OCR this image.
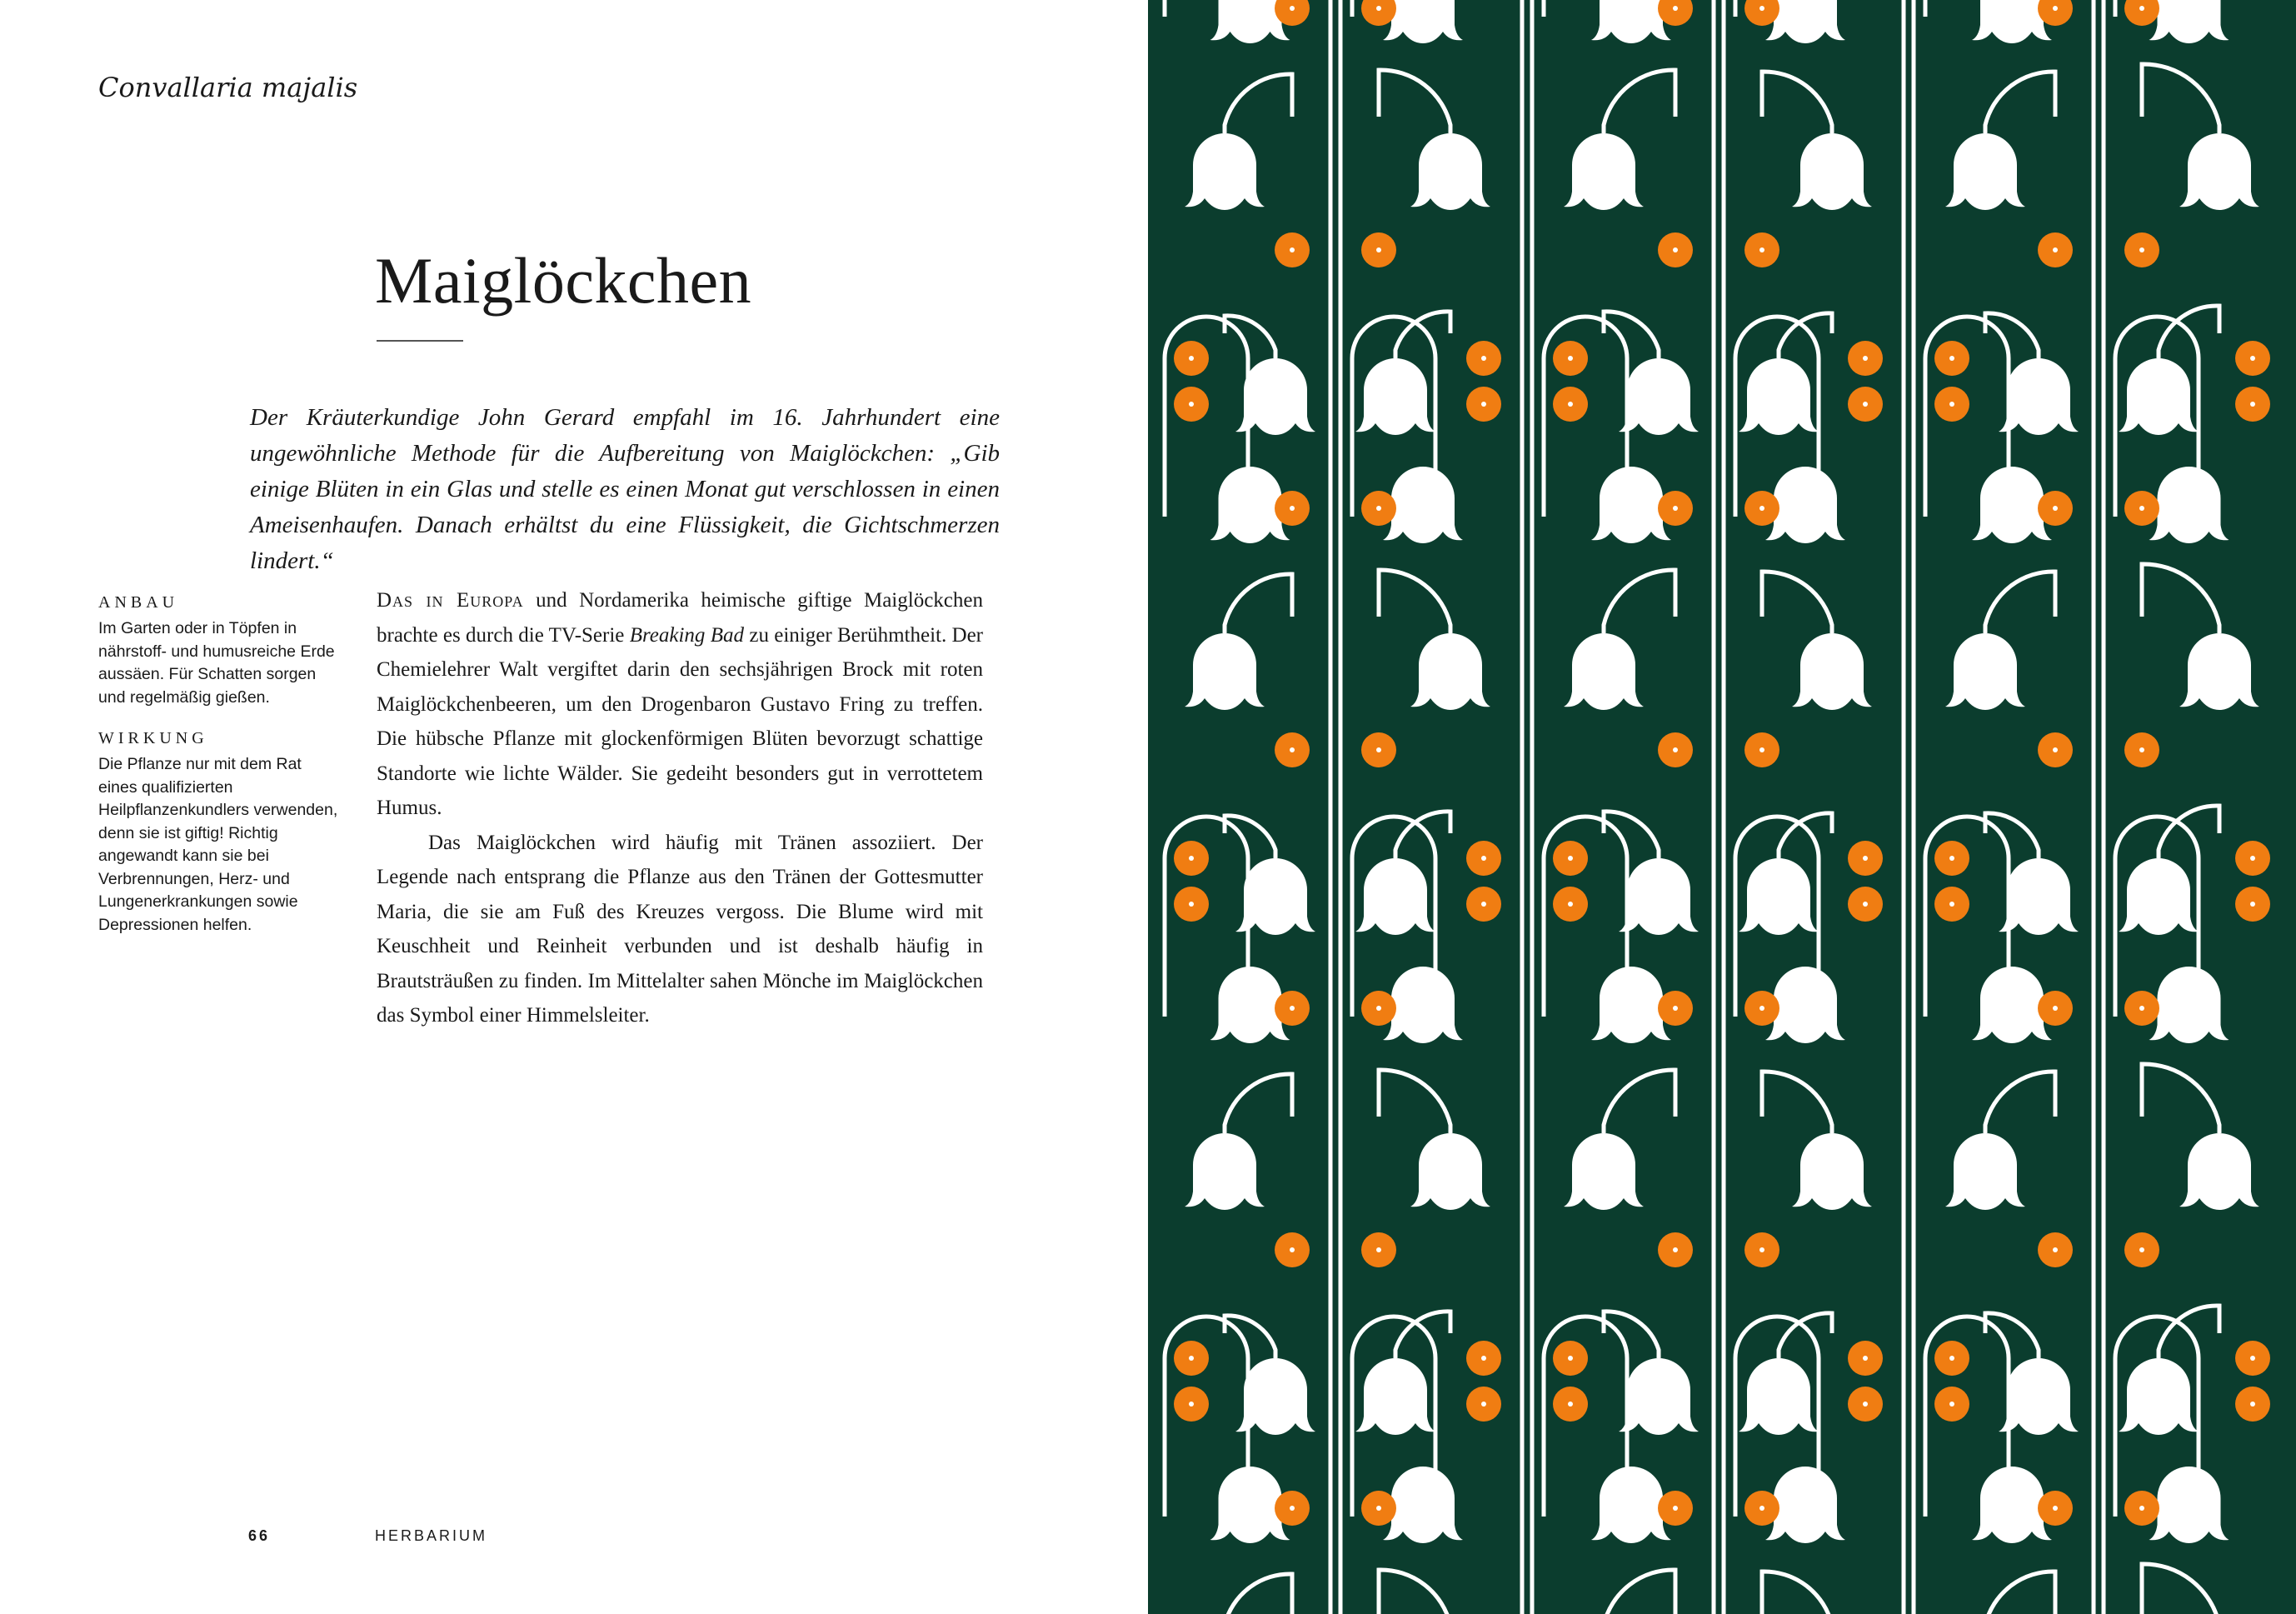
Convallaria majalis
Maiglöckchen
Der Kräuterkundige John Gerard empfahl im 16. Jahrhundert eine ungewöhnliche Methode für die Aufbereitung von Maiglöckchen: „Gib einige Blüten in ein Glas und stelle es einen Monat gut verschlossen in einen Ameisenhaufen. Danach erhältst du eine Flüssigkeit, die Gichtschmerzen lindert.“
ANBAU
Im Garten oder in Töpfen in nährstoff- und humusreiche Erde aussäen. Für Schatten sorgen und regelmäßig gießen.
WIRKUNG
Die Pflanze nur mit dem Rat eines qualifizierten Heilpflanzenkundlers verwenden, denn sie ist giftig! Richtig angewandt kann sie bei Verbrennungen, Herz- und Lungenerkrankungen sowie Depressionen helfen.

Das in Europa und Nordamerika heimische giftige Maiglöckchen brachte es durch die TV-Serie Breaking Bad zu einiger Berühmtheit. Der Chemielehrer Walt vergiftet darin den sechsjährigen Brock mit roten Maiglöckchenbeeren, um den Drogenbaron Gustavo Fring zu treffen. Die hübsche Pflanze mit glockenförmigen Blüten bevorzugt schattige Standorte wie lichte Wälder. Sie gedeiht besonders gut in verrottetem Humus.

Das Maiglöckchen wird häufig mit Tränen assoziiert. Der Legende nach entsprang die Pflanze aus den Tränen der Gottesmutter Maria, die sie am Fuß des Kreuzes vergoss. Die Blume wird mit Keuschheit und Reinheit verbunden und ist deshalb häufig in Brautsträußen zu finden. Im Mittelalter sahen Mönche im Maiglöckchen das Symbol einer Himmelsleiter.

66	HERBARIUM
